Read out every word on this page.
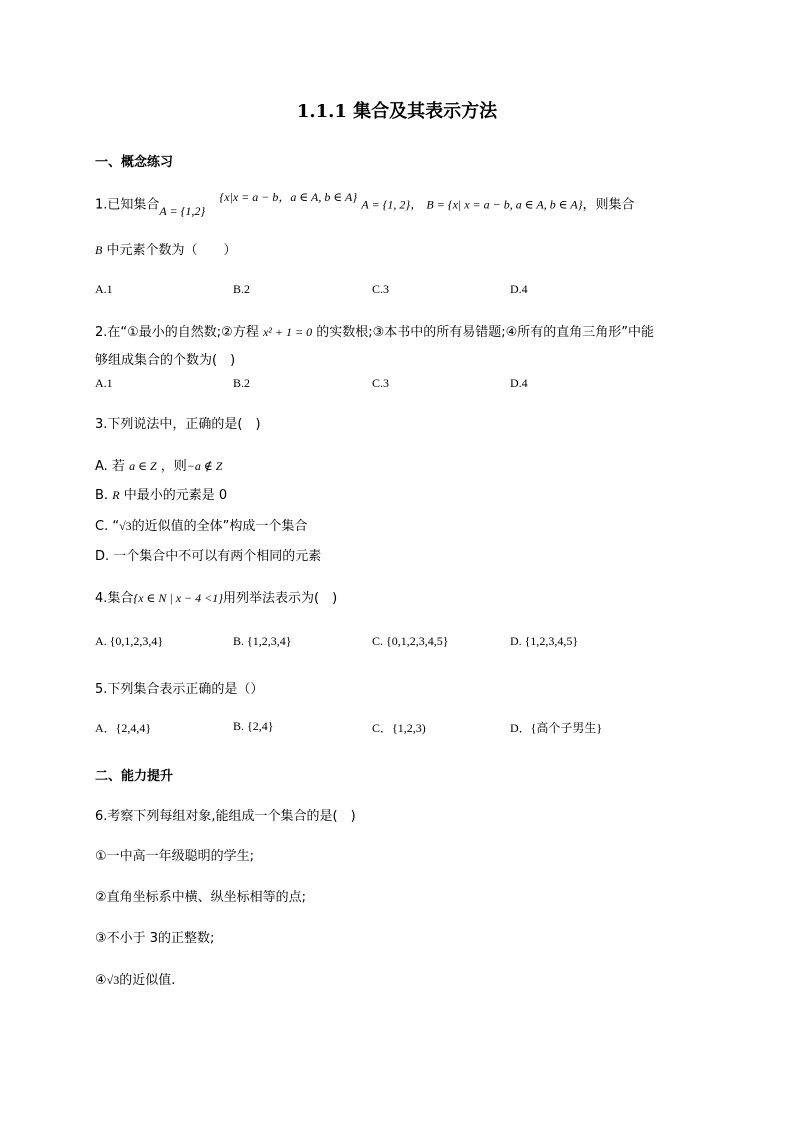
1.1.1 集合及其表示方法
一、概念练习
1.已知集合 A = {1,2}
{x|x = a − b，a ∈ A, b ∈ A}
A = {1, 2}， B = {x| x = a − b, a ∈ A, b ∈ A}，则集合
B 中元素个数为（　　）
A.1	B.2	C.3	D.4
2.在“①最小的自然数;②方程 x² + 1 = 0 的实数根;③本书中的所有易错题;④所有的直角三角形”中能
够组成集合的个数为(　)
A.1	B.2	C.3	D.4
3.下列说法中，正确的是(　)
A. 若 a ∈ Z ，则−a ∉ Z
B. R 中最小的元素是 0
C. “√3的近似值的全体”构成一个集合
D. 一个集合中不可以有两个相同的元素
4.集合{x ∈ N | x − 4 <1}用列举法表示为(　)
A. {0,1,2,3,4}	B. {1,2,3,4}	C. {0,1,2,3,4,5}	D. {1,2,3,4,5}
5.下列集合表示正确的是（）
A．{2,4,4}	B. {2,4}	C．{1,2,3)	D．{高个子男生}
二、能力提升
6.考察下列每组对象,能组成一个集合的是(　)
①一中高一年级聪明的学生;
②直角坐标系中横、纵坐标相等的点;
③不小于 3的正整数;
④√3的近似值.
